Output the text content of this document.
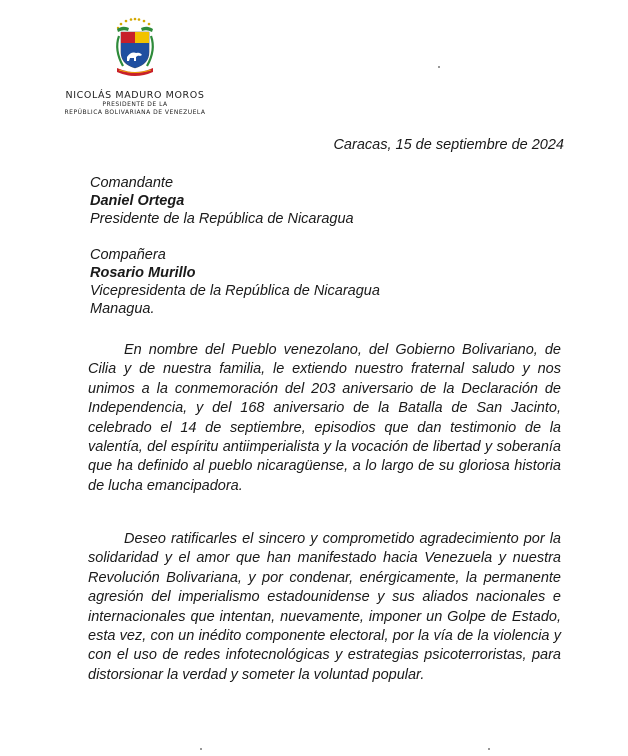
NICOLÁS MADURO MOROS
PRESIDENTE DE LA
REPÚBLICA BOLIVARIANA DE VENEZUELA
Caracas, 15 de septiembre de 2024
Comandante
Daniel Ortega
Presidente de la República de Nicaragua
Compañera
Rosario Murillo
Vicepresidenta de la República de Nicaragua
Managua.

En nombre del Pueblo venezolano, del Gobierno Bolivariano, de Cilia y de nuestra familia, le extiendo nuestro fraternal saludo y nos unimos a la conmemoración del 203 aniversario de la Declaración de Independencia, y del 168 aniversario de la Batalla de San Jacinto, celebrado el 14 de septiembre, episodios que dan testimonio de la valentía, del espíritu antiimperialista y la vocación de libertad y soberanía que ha definido al pueblo nicaragüense, a lo largo de su gloriosa historia de lucha emancipadora.

Deseo ratificarles el sincero y comprometido agradecimiento por la solidaridad y el amor que han manifestado hacia Venezuela y nuestra Revolución Bolivariana, y por condenar, enérgicamente, la permanente agresión del imperialismo estadounidense y sus aliados nacionales e internacionales que intentan, nuevamente, imponer un Golpe de Estado, esta vez, con un inédito componente electoral, por la vía de la violencia y con el uso de redes infotecnológicas y estrategias psicoterroristas, para distorsionar la verdad y someter la voluntad popular.
